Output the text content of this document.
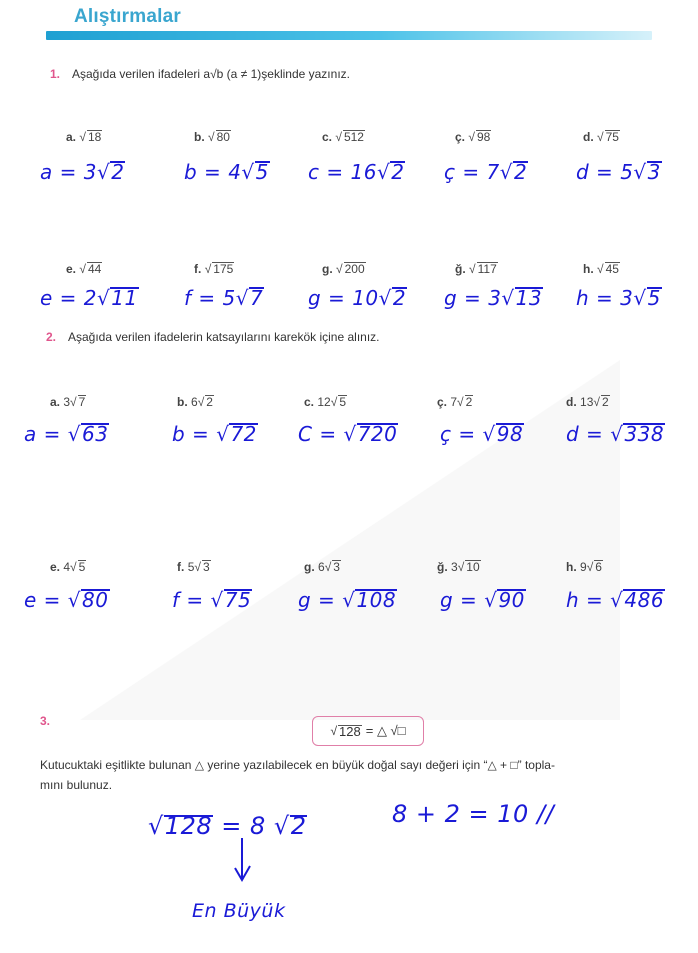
Alıştırmalar
1. Aşağıda verilen ifadeleri a√b (a ≠ 1)şeklinde yazınız.
a. √ 18
a = 3√2
b. √ 80
b = 4√5
c. √ 512
c = 16√2
ç. √ 98
ç = 7√2
d. √ 75
d = 5√3
e. √ 44
e = 2√11
f. √ 175
f = 5√7
g. √ 200
g = 10√2
ğ. √ 117
g = 3√13
h. √ 45
h = 3√5
2. Aşağıda verilen ifadelerin katsayılarını karekök içine alınız.
a. 3√ 7
a = √63
b. 6√ 2
b = √72
c. 12√ 5
C = √720
ç. 7√ 2
ç = √98
d. 13√ 2
d = √338
e. 4√ 5
e = √80
f. 5√ 3
f = √75
g. 6√ 3
g = √108
ğ. 3√ 10
g = √90
h. 9√ 6
h = √486
3.
√ 128 = △ √□
Kutucuktaki eşitlikte bulunan △ yerine yazılabilecek en büyük doğal sayı değeri için “△ + □” topla-
mını bulunuz.
√128 = 8 √2	8 + 2 = 10 //
En Büyük
